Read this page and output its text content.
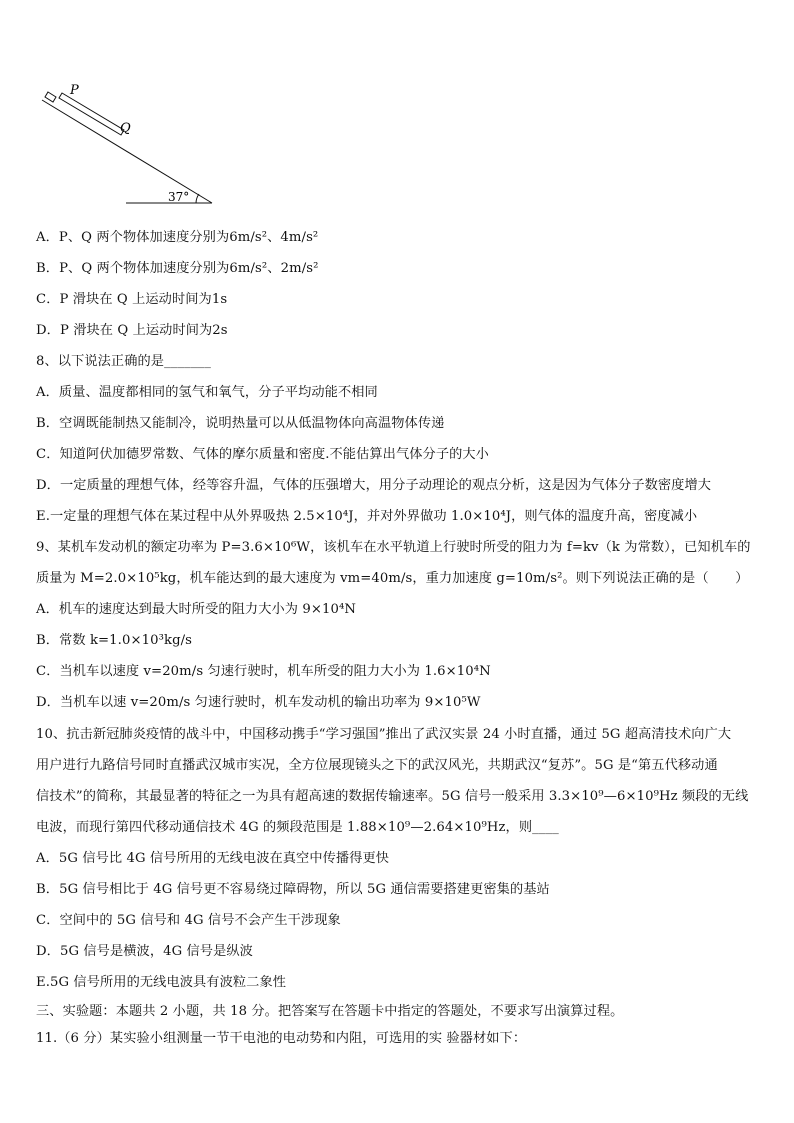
P
Q
37°
A．P、Q 两个物体加速度分别为6m/s²、4m/s²
B．P、Q 两个物体加速度分别为6m/s²、2m/s²
C．P 滑块在 Q 上运动时间为1s
D．P 滑块在 Q 上运动时间为2s
8、以下说法正确的是_______
A．质量、温度都相同的氢气和氧气，分子平均动能不相同
B．空调既能制热又能制冷，说明热量可以从低温物体向高温物体传递
C．知道阿伏加德罗常数、气体的摩尔质量和密度.不能估算出气体分子的大小
D．一定质量的理想气体，经等容升温，气体的压强增大，用分子动理论的观点分析，这是因为气体分子数密度增大
E.一定量的理想气体在某过程中从外界吸热 2.5×10⁴J，并对外界做功 1.0×10⁴J，则气体的温度升高，密度减小
9、某机车发动机的额定功率为 P=3.6×10⁶W，该机车在水平轨道上行驶时所受的阻力为 f=kv（k 为常数），已知机车的
质量为 M=2.0×10⁵kg，机车能达到的最大速度为 vm=40m/s，重力加速度 g=10m/s²。则下列说法正确的是（　　）
A．机车的速度达到最大时所受的阻力大小为 9×10⁴N
B．常数 k=1.0×10³kg/s
C．当机车以速度 v=20m/s 匀速行驶时，机车所受的阻力大小为 1.6×10⁴N
D．当机车以速 v=20m/s 匀速行驶时，机车发动机的输出功率为 9×10⁵W
10、抗击新冠肺炎疫情的战斗中，中国移动携手“学习强国”推出了武汉实景 24 小时直播，通过 5G 超高清技术向广大
用户进行九路信号同时直播武汉城市实况，全方位展现镜头之下的武汉风光，共期武汉“复苏”。5G 是“第五代移动通
信技术”的简称，其最显著的特征之一为具有超高速的数据传输速率。5G 信号一般采用 3.3×10⁹—6×10⁹Hz 频段的无线
电波，而现行第四代移动通信技术 4G 的频段范围是 1.88×10⁹—2.64×10⁹Hz，则____
A．5G 信号比 4G 信号所用的无线电波在真空中传播得更快
B．5G 信号相比于 4G 信号更不容易绕过障碍物，所以 5G 通信需要搭建更密集的基站
C．空间中的 5G 信号和 4G 信号不会产生干涉现象
D．5G 信号是横波，4G 信号是纵波
E.5G 信号所用的无线电波具有波粒二象性
三、实验题：本题共 2 小题，共 18 分。把答案写在答题卡中指定的答题处，不要求写出演算过程。
11.（6 分）某实验小组测量一节干电池的电动势和内阻，可选用的实 验器材如下：
